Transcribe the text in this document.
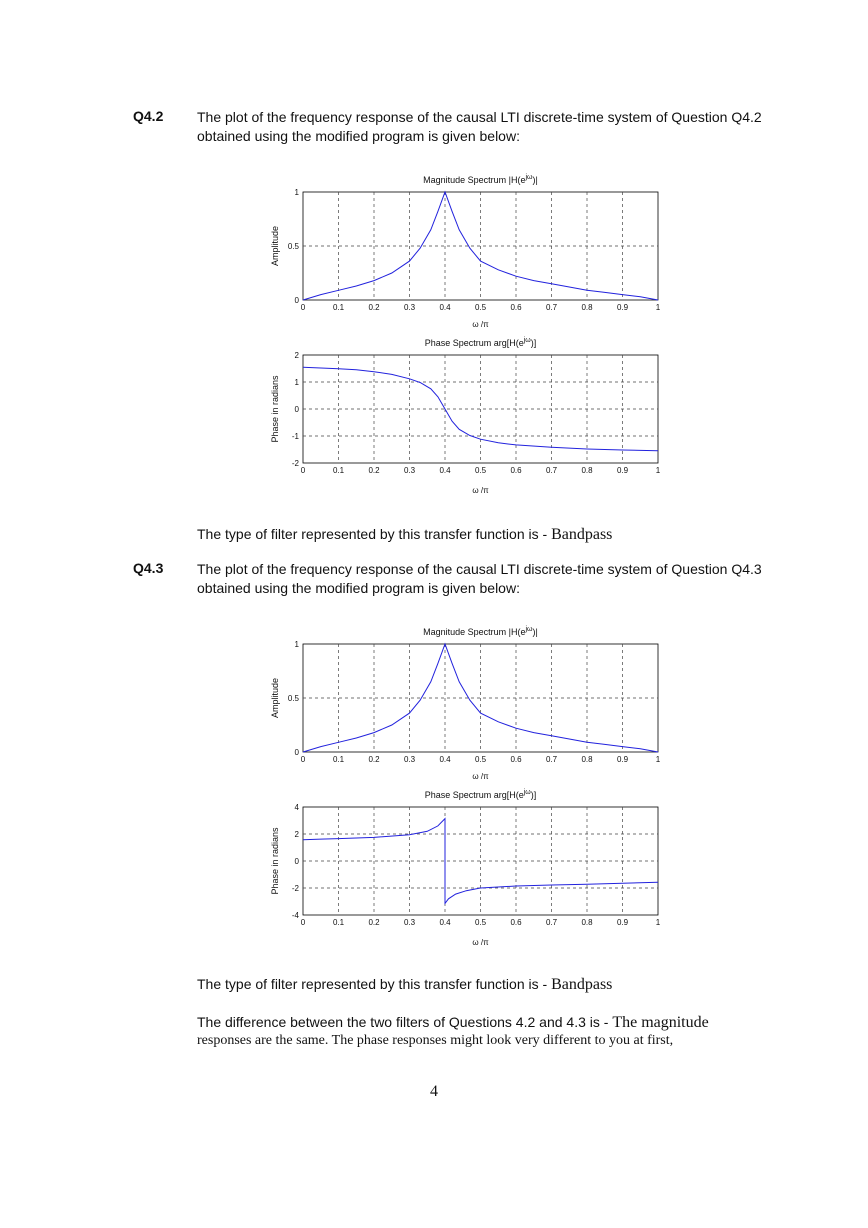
Q4.2 The plot of the frequency response of the causal LTI discrete-time system of Question Q4.2 obtained using the modified program is given below:
Magnitude Spectrum $|H(e^{j\omega})|$
0	0.1	0.2	0.3	0.4	0.5	0.6	0.7	0.8	0.9	1
0
0.5
1
ω /π
Amplitude
Phase Spectrum $arg[H(e^{j\omega})]$
0	0.1	0.2	0.3	0.4	0.5	0.6	0.7	0.8	0.9	1
-2
-1
0
1
2
ω /π
Phase in radians
The type of filter represented by this transfer function is - Bandpass
Q4.3 The plot of the frequency response of the causal LTI discrete-time system of Question Q4.3 obtained using the modified program is given below:
Magnitude Spectrum $|H(e^{j\omega})|$
0	0.1	0.2	0.3	0.4	0.5	0.6	0.7	0.8	0.9	1
0
0.5
1
ω /π
Amplitude
Phase Spectrum $arg[H(e^{j\omega})]$
0	0.1	0.2	0.3	0.4	0.5	0.6	0.7	0.8	0.9	1
-4
-2
0
2
4
ω /π
Phase in radians
The type of filter represented by this transfer function is - Bandpass
The difference between the two filters of Questions 4.2 and 4.3 is - The magnitude
responses are the same. The phase responses might look very different to you at first,
4
